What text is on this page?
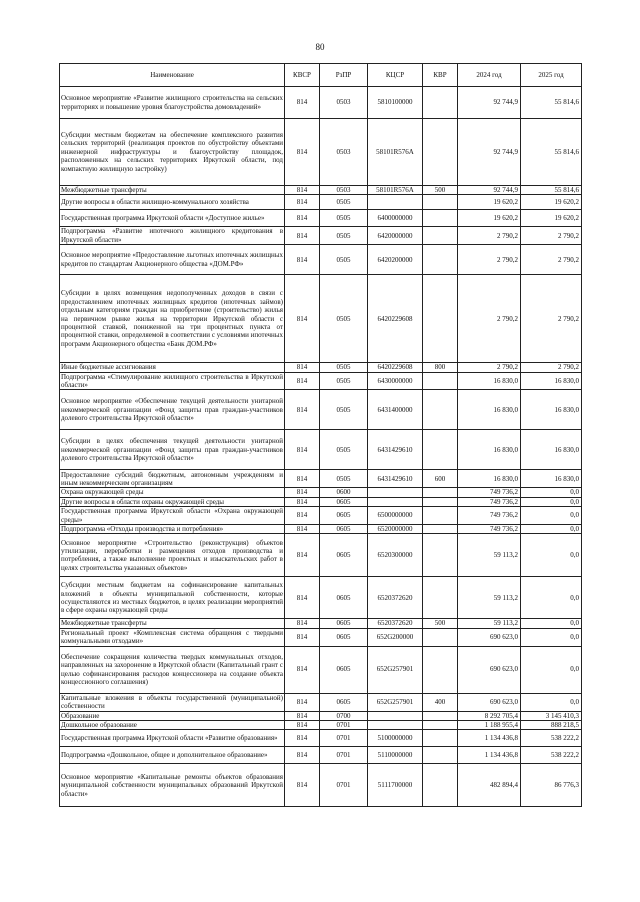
80
Наименование	КВСР	РзПР	КЦСР	КВР	2024 год	2025 год
Основное мероприятие «Развитие жилищного строительства на сельских территориях и повышение уровня благоустройства домовладений»	814	0503	5810100000		92 744,9	55 814,6
Субсидии местным бюджетам на обеспечение комплексного развития сельских территорий (реализация проектов по обустройству объектами инженерной инфраструктуры и благоустройству площадок, расположенных на сельских территориях Иркутской области, под компактную жилищную застройку)	814	0503	58101R576A		92 744,9	55 814,6
Межбюджетные трансферты	814	0503	58101R576A	500	92 744,9	55 814,6
Другие вопросы в области жилищно-коммунального хозяйства	814	0505			19 620,2	19 620,2
Государственная программа Иркутской области «Доступное жилье»	814	0505	6400000000		19 620,2	19 620,2
Подпрограмма «Развитие ипотечного жилищного кредитования в Иркутской области»	814	0505	6420000000		2 790,2	2 790,2
Основное мероприятие «Предоставление льготных ипотечных жилищных кредитов по стандартам Акционерного общества «ДОМ.РФ»	814	0505	6420200000		2 790,2	2 790,2
Субсидии в целях возмещения недополученных доходов в связи с предоставлением ипотечных жилищных кредитов (ипотечных займов) отдельным категориям граждан на приобретение (строительство) жилья на первичном рынке жилья на территории Иркутской области с процентной ставкой, пониженной на три процентных пункта от процентной ставки, определяемой в соответствии с условиями ипотечных программ Акционерного общества «Банк ДОМ.РФ»	814	0505	6420229608		2 790,2	2 790,2
Иные бюджетные ассигнования	814	0505	6420229608	800	2 790,2	2 790,2
Подпрограмма «Стимулирование жилищного строительства в Иркутской области»	814	0505	6430000000		16 830,0	16 830,0
Основное мероприятие «Обеспечение текущей деятельности унитарной некоммерческой организации «Фонд защиты прав граждан-участников долевого строительства Иркутской области»	814	0505	6431400000		16 830,0	16 830,0
Субсидии в целях обеспечения текущей деятельности унитарной некоммерческой организации «Фонд защиты прав граждан-участников долевого строительства Иркутской области»	814	0505	6431429610		16 830,0	16 830,0
Предоставление субсидий бюджетным, автономным учреждениям и иным некоммерческим организациям	814	0505	6431429610	600	16 830,0	16 830,0
Охрана окружающей среды	814	0600			749 736,2	0,0
Другие вопросы в области охраны окружающей среды	814	0605			749 736,2	0,0
Государственная программа Иркутской области «Охрана окружающей среды»	814	0605	6500000000		749 736,2	0,0
Подпрограмма «Отходы производства и потребления»	814	0605	6520000000		749 736,2	0,0
Основное мероприятие «Строительство (реконструкция) объектов утилизации, переработки и размещения отходов производства и потребления, а также выполнение проектных и изыскательских работ в целях строительства указанных объектов»	814	0605	6520300000		59 113,2	0,0
Субсидии местным бюджетам на софинансирование капитальных вложений в объекты муниципальной собственности, которые осуществляются из местных бюджетов, в целях реализации мероприятий в сфере охраны окружающей среды	814	0605	6520372620		59 113,2	0,0
Межбюджетные трансферты	814	0605	6520372620	500	59 113,2	0,0
Региональный проект «Комплексная система обращения с твердыми коммунальными отходами»	814	0605	652G200000		690 623,0	0,0
Обеспечение сокращения количества твердых коммунальных отходов, направленных на захоронение в Иркутской области (Капитальный грант с целью софинансирования расходов концессионера на создание объекта концессионного соглашения)	814	0605	652G257901		690 623,0	0,0
Капитальные вложения в объекты государственной (муниципальной) собственности	814	0605	652G257901	400	690 623,0	0,0
Образование	814	0700			8 292 705,4	3 145 410,3
Дошкольное образование	814	0701			1 188 955,4	888 218,5
Государственная программа Иркутской области «Развитие образования»	814	0701	5100000000		1 134 436,8	538 222,2
Подпрограмма «Дошкольное, общее и дополнительное образование»	814	0701	5110000000		1 134 436,8	538 222,2
Основное мероприятие «Капитальные ремонты объектов образования муниципальной собственности муниципальных образований Иркутской области»	814	0701	5111700000		482 894,4	86 776,3
